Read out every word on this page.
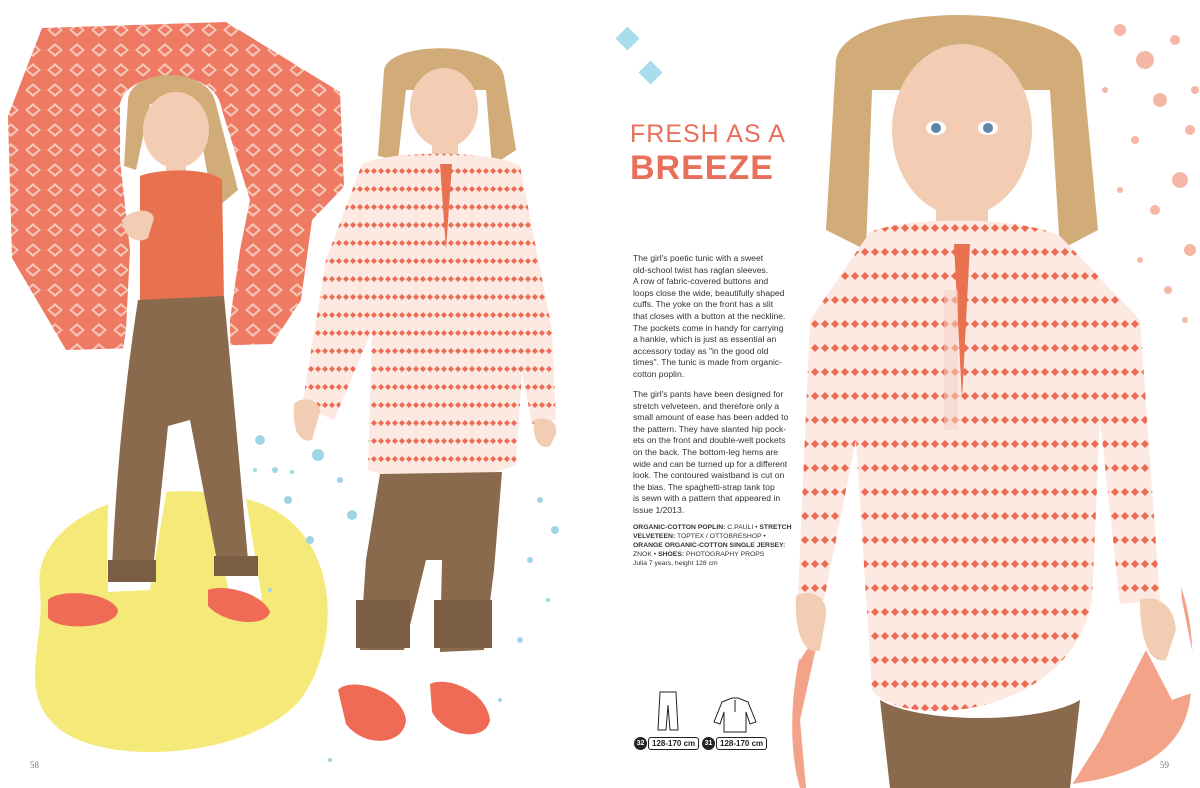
FRESH AS A
BREEZE
The girl's poetic tunic with a sweet
old-school twist has raglan sleeves.
A row of fabric-covered buttons and
loops close the wide, beautifully shaped
cuffs. The yoke on the front has a slit
that closes with a button at the neckline.
The pockets come in handy for carrying
a hankie, which is just as essential an
accessory today as "in the good old
times". The tunic is made from organic-
cotton poplin.
The girl's pants have been designed for
stretch velveteen, and therefore only a
small amount of ease has been added to
the pattern. They have slanted hip pock-
ets on the front and double-welt pockets
on the back. The bottom-leg hems are
wide and can be turned up for a different
look. The contoured waistband is cut on
the bias. The spaghetti-strap tank top
is sewn with a pattern that appeared in
issue 1/2013.
ORGANIC-COTTON POPLIN: C.PAULI • STRETCH
VELVETEEN: TOPTEX / OTTOBRESHOP •
ORANGE ORGANIC-COTTON SINGLE JERSEY:
ZNOK • SHOES: PHOTOGRAPHY PROPS
Julia 7 years, height 128 cm
32 128-170 cm	31 128-170 cm
58	59
